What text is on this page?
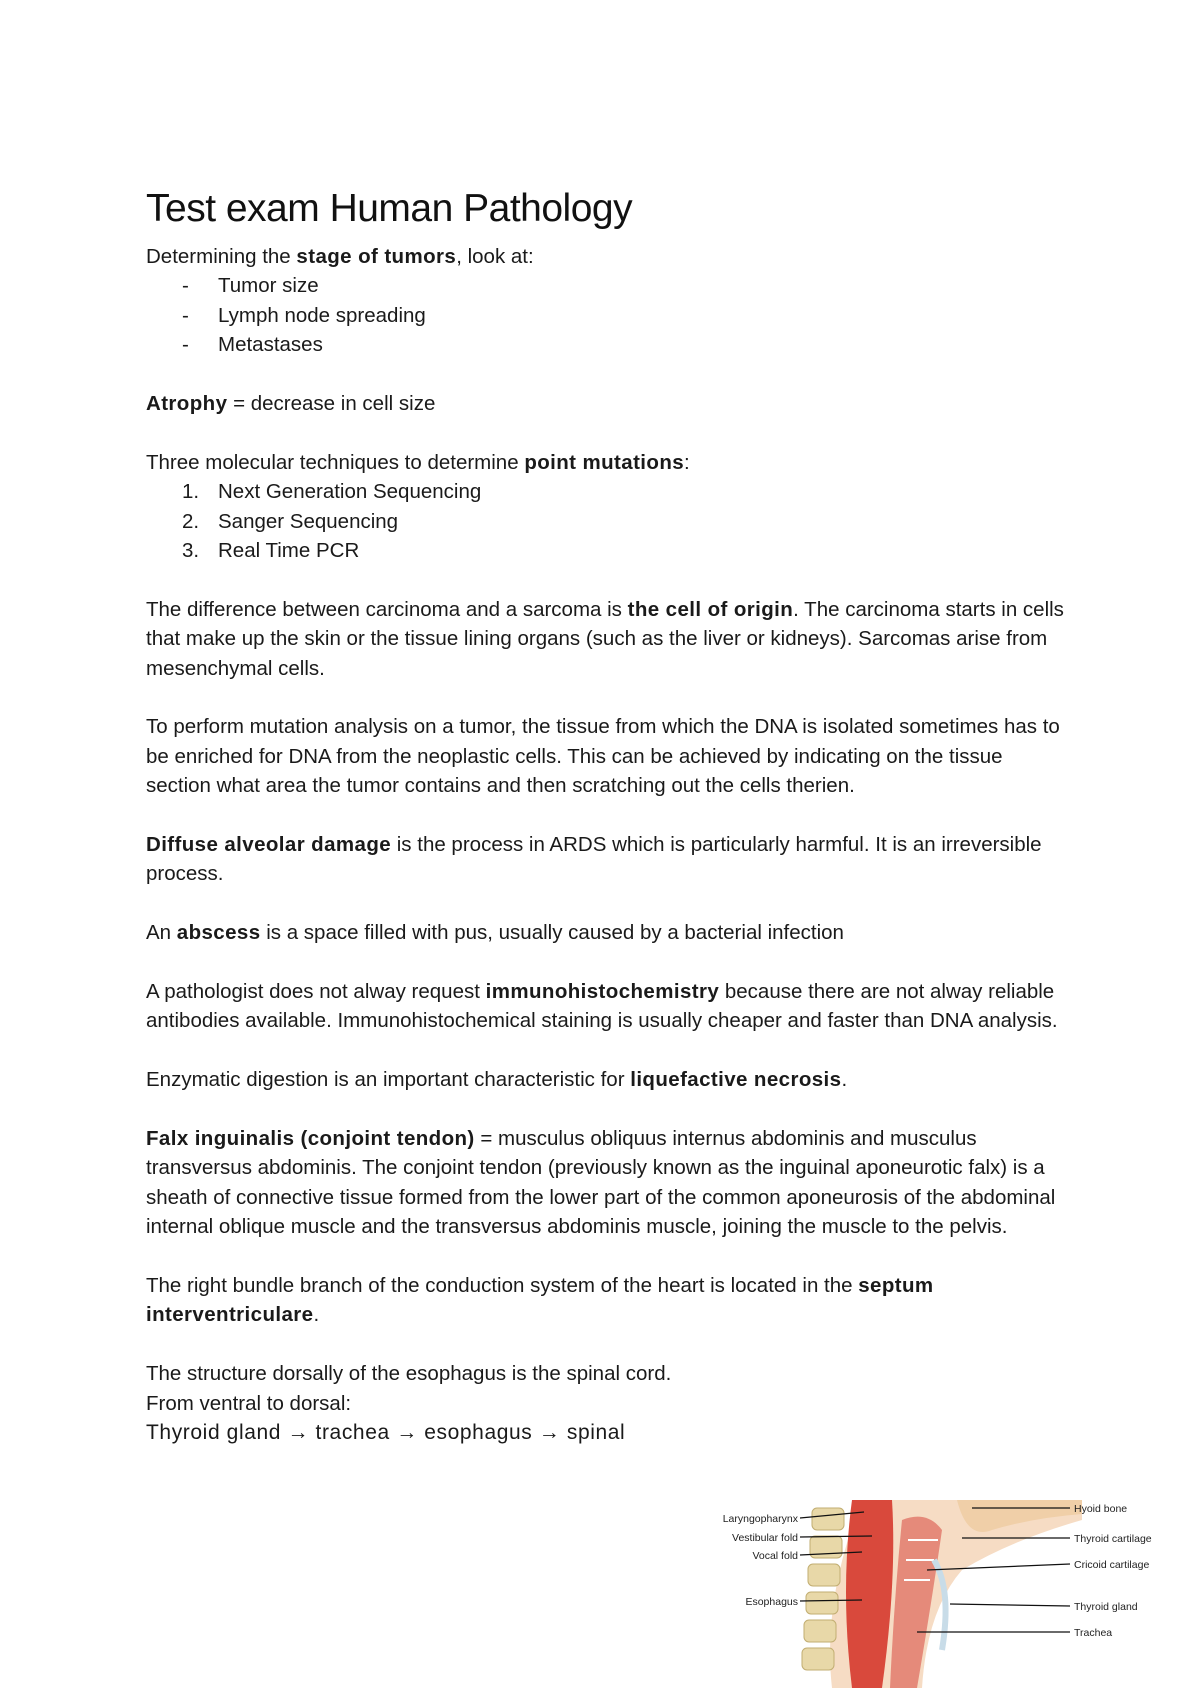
Test exam Human Pathology

Determining the stage of tumors, look at:

-	Tumor size
-	Lymph node spreading
-	Metastases

Atrophy = decrease in cell size

Three molecular techniques to determine point mutations:

1. Next Generation Sequencing
2. Sanger Sequencing
3. Real Time PCR

The difference between carcinoma and a sarcoma is the cell of origin. The carcinoma starts in cells that make up the skin or the tissue lining organs (such as the liver or kidneys). Sarcomas arise from mesenchymal cells.

To perform mutation analysis on a tumor, the tissue from which the DNA is isolated sometimes has to be enriched for DNA from the neoplastic cells. This can be achieved by indicating on the tissue section what area the tumor contains and then scratching out the cells therien.

Diffuse alveolar damage is the process in ARDS which is particularly harmful. It is an irreversible process.

An abscess is a space filled with pus, usually caused by a bacterial infection

A pathologist does not alway request immunohistochemistry because there are not alway reliable antibodies available. Immunohistochemical staining is usually cheaper and faster than DNA analysis.

Enzymatic digestion is an important characteristic for liquefactive necrosis.

Falx inguinalis (conjoint tendon) = musculus obliquus internus abdominis and musculus transversus abdominis. The conjoint tendon (previously known as the inguinal aponeurotic falx) is a sheath of connective tissue formed from the lower part of the common aponeurosis of the abdominal internal oblique muscle and the transversus abdominis muscle, joining the muscle to the pelvis.

The right bundle branch of the conduction system of the heart is located in the septum interventriculare.

The structure dorsally of the esophagus is the spinal cord.

From ventral to dorsal:

Thyroid gland → trachea → esophagus → spinal

Laryngopharynx
Vestibular fold
Vocal fold
Esophagus
Hyoid bone
Thyroid cartilage
Cricoid cartilage
Thyroid gland
Trachea
